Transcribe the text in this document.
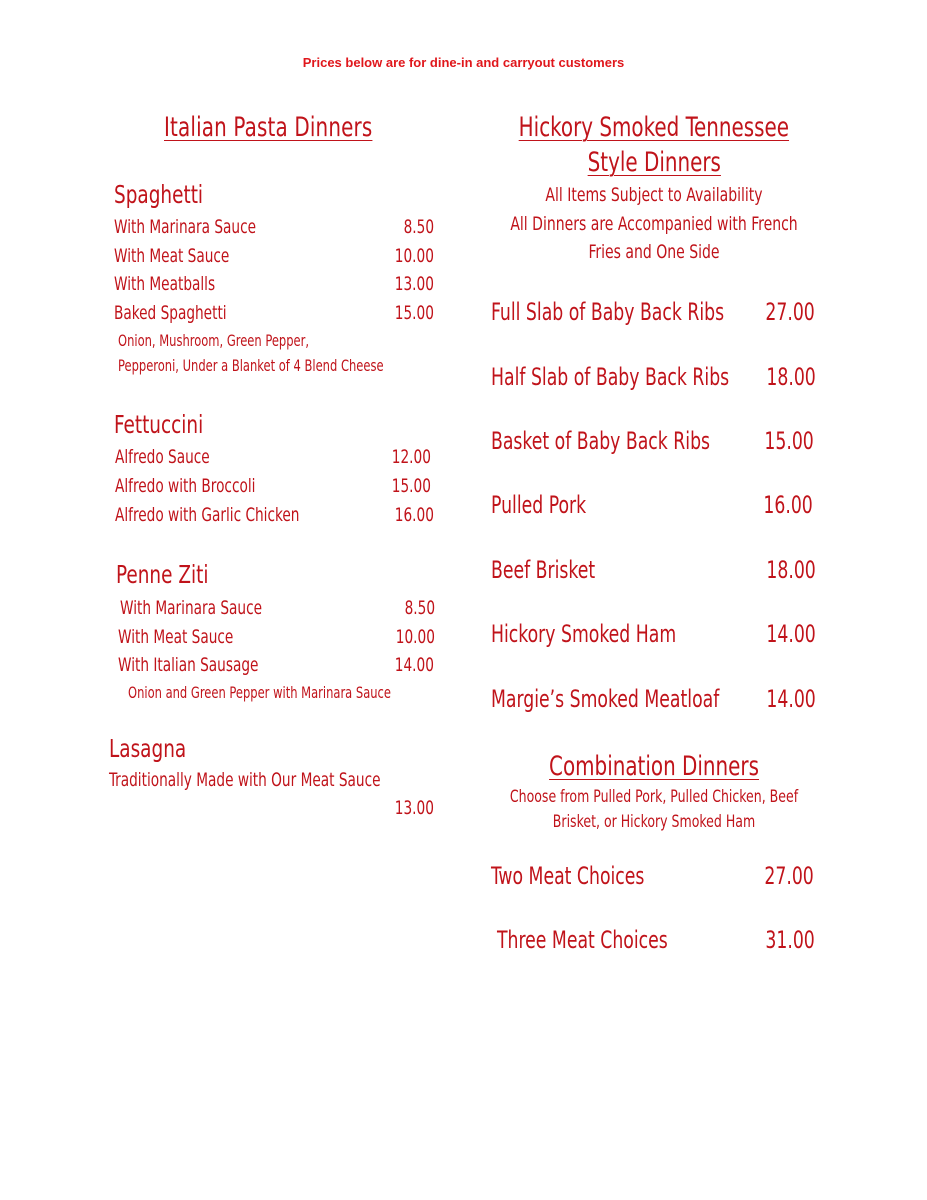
Prices below are for dine-in and carryout customers
Italian Pasta Dinners
Spaghetti
With Marinara Sauce	8.50
With Meat Sauce	10.00
With Meatballs	13.00
Baked Spaghetti	15.00
Onion, Mushroom, Green Pepper,
Pepperoni, Under a Blanket of 4 Blend Cheese
Fettuccini
Alfredo Sauce	12.00
Alfredo with Broccoli	15.00
Alfredo with Garlic Chicken	16.00
Penne Ziti
With Marinara Sauce	8.50
With Meat Sauce	10.00
With Italian Sausage	14.00
Onion and Green Pepper with Marinara Sauce
Lasagna
Traditionally Made with Our Meat Sauce
13.00
Hickory Smoked Tennessee
Style Dinners
All Items Subject to Availability
All Dinners are Accompanied with French
Fries and One Side
Full Slab of Baby Back Ribs 27.00
Half Slab of Baby Back Ribs 18.00
Basket of Baby Back Ribs 15.00
Pulled Pork	16.00
Beef Brisket	18.00
Hickory Smoked Ham	14.00
Margie’s Smoked Meatloaf 14.00
Combination Dinners
Choose from Pulled Pork, Pulled Chicken, Beef
Brisket, or Hickory Smoked Ham
Two Meat Choices	27.00
Three Meat Choices	31.00
